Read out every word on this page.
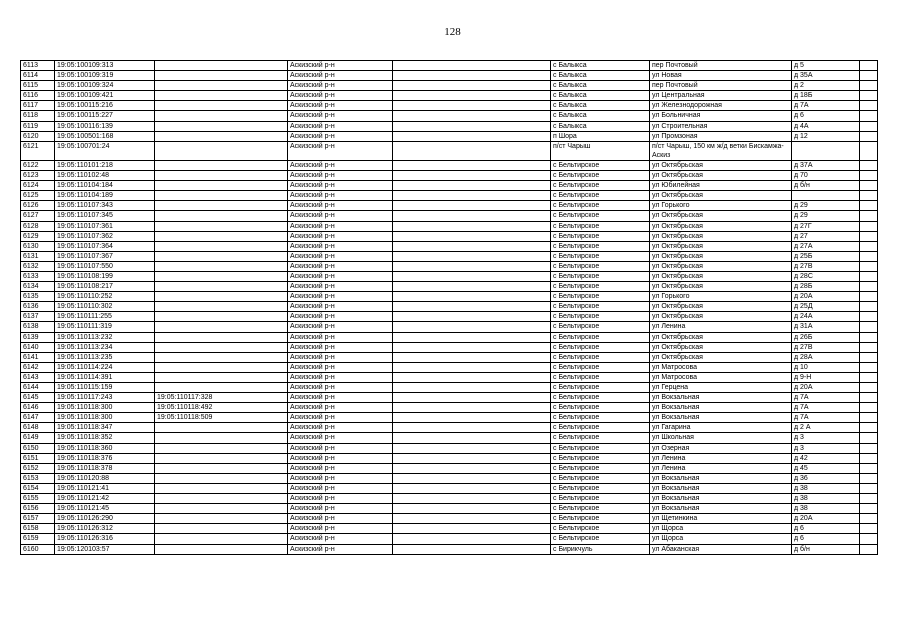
128
6113	19:05:100109:313		Аскизский р-н		с Балыкса	пер Почтовый	д 5		
6114	19:05:100109:319		Аскизский р-н		с Балыкса	ул Новая	д 35А		
6115	19:05:100109:324		Аскизский р-н		с Балыкса	пер Почтовый	д 2		
6116	19:05:100109:421		Аскизский р-н		с Балыкса	ул Центральная	д 18Б		
6117	19:05:100115:216		Аскизский р-н		с Балыкса	ул Железнодорожная	д 7А		
6118	19:05:100115:227		Аскизский р-н		с Балыкса	ул Больничная	д 6		
6119	19:05:100116:139		Аскизский р-н		с Балыкса	ул Строительная	д 4А		
6120	19:05:100501:168		Аскизский р-н		п Шора	ул Промзоная	д 12		
6121	19:05:100701:24		Аскизский р-н		п/ст Чарыш	п/ст Чарыш, 150 км ж/д ветки Бискамжа-Аскиз			
6122	19:05:110101:218		Аскизский р-н		с Бельтирское	ул Октябрьская	д 37А		
6123	19:05:110102:48		Аскизский р-н		с Бельтирское	ул Октябрьская	д 70		
6124	19:05:110104:184		Аскизский р-н		с Бельтирское	ул Юбилейная	д б/н		
6125	19:05:110104:189		Аскизский р-н		с Бельтирское	ул Октябрьская			
6126	19:05:110107:343		Аскизский р-н		с Бельтирское	ул Горького	д 29		
6127	19:05:110107:345		Аскизский р-н		с Бельтирское	ул Октябрьская	д 29		
6128	19:05:110107:361		Аскизский р-н		с Бельтирское	ул Октябрьская	д 27Г		
6129	19:05:110107:362		Аскизский р-н		с Бельтирское	ул Октябрьская	д 27		
6130	19:05:110107:364		Аскизский р-н		с Бельтирское	ул Октябрьская	д 27А		
6131	19:05:110107:367		Аскизский р-н		с Бельтирское	ул Октябрьская	д 25Б		
6132	19:05:110107:550		Аскизский р-н		с Бельтирское	ул Октябрьская	д 27В		
6133	19:05:110108:199		Аскизский р-н		с Бельтирское	ул Октябрьская	д 28С		
6134	19:05:110108:217		Аскизский р-н		с Бельтирское	ул Октябрьская	д 28Б		
6135	19:05:110110:252		Аскизский р-н		с Бельтирское	ул Горького	д 20А		
6136	19:05:110110:302		Аскизский р-н		с Бельтирское	ул Октябрьская	д 25Д		
6137	19:05:110111:255		Аскизский р-н		с Бельтирское	ул Октябрьская	д 24А		
6138	19:05:110111:319		Аскизский р-н		с Бельтирское	ул Ленина	д 31А		
6139	19:05:110113:232		Аскизский р-н		с Бельтирское	ул Октябрьская	д 26Б		
6140	19:05:110113:234		Аскизский р-н		с Бельтирское	ул Октябрьская	д 27В		
6141	19:05:110113:235		Аскизский р-н		с Бельтирское	ул Октябрьская	д 28А		
6142	19:05:110114:224		Аскизский р-н		с Бельтирское	ул Матросова	д 10		
6143	19:05:110114:391		Аскизский р-н		с Бельтирское	ул Матросова	д 9-Н		
6144	19:05:110115:159		Аскизский р-н		с Бельтирское	ул Герцена	д 20А		
6145	19:05:110117:243	19:05:110117:328	Аскизский р-н		с Бельтирское	ул Вокзальная	д 7А		
6146	19:05:110118:300	19:05:110118:492	Аскизский р-н		с Бельтирское	ул Вокзальная	д 7А		
6147	19:05:110118:300	19:05:110118:509	Аскизский р-н		с Бельтирское	ул Вокзальная	д 7А		
6148	19:05:110118:347		Аскизский р-н		с Бельтирское	ул Гагарина	д 2 А		
6149	19:05:110118:352		Аскизский р-н		с Бельтирское	ул Школьная	д 3		
6150	19:05:110118:360		Аскизский р-н		с Бельтирское	ул Озерная	д 3		
6151	19:05:110118:376		Аскизский р-н		с Бельтирское	ул Ленина	д 42		
6152	19:05:110118:378		Аскизский р-н		с Бельтирское	ул Ленина	д 45		
6153	19:05:110120:88		Аскизский р-н		с Бельтирское	ул Вокзальная	д 36		
6154	19:05:110121:41		Аскизский р-н		с Бельтирское	ул Вокзальная	д 38		
6155	19:05:110121:42		Аскизский р-н		с Бельтирское	ул Вокзальная	д 38		
6156	19:05:110121:45		Аскизский р-н		с Бельтирское	ул Вокзальная	д 38		
6157	19:05:110126:290		Аскизский р-н		с Бельтирское	ул Щетинкина	д 20А		
6158	19:05:110126:312		Аскизский р-н		с Бельтирское	ул Щорса	д 6		
6159	19:05:110126:316		Аскизский р-н		с Бельтирское	ул Щорса	д 6		
6160	19:05:120103:57		Аскизский р-н		с Бирикчуль	ул Абаканская	д б/н		
